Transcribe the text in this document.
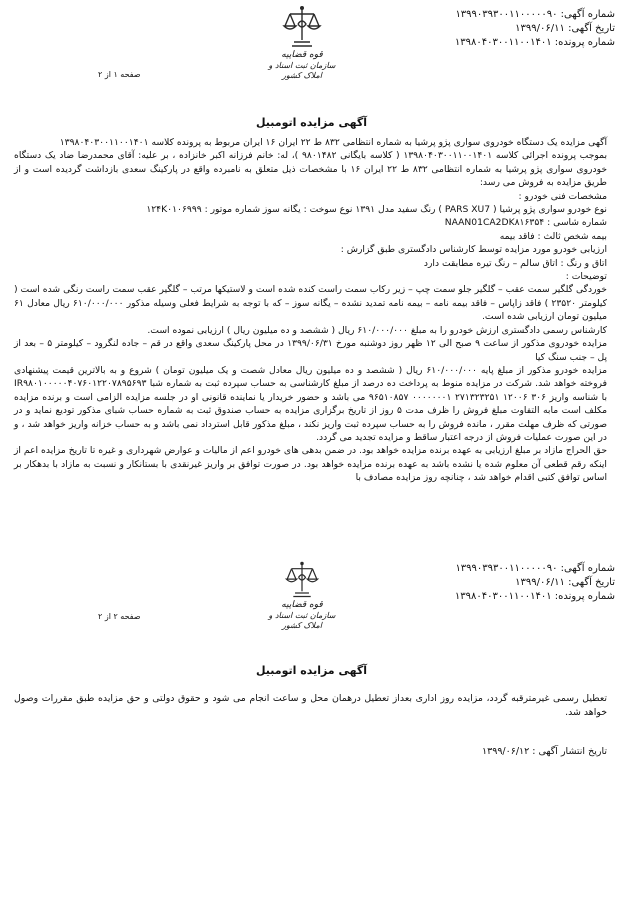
شماره آگهی: ۱۳۹۹۰۳۹۳۰۰۱۱۰۰۰۰۰۹۰
تاریخ آگهی: ۱۳۹۹/۰۶/۱۱
شماره پرونده: ۱۳۹۸۰۴۰۳۰۰۱۱۰۰۱۴۰۱
صفحه ۱ از ۲
قوه قضاییه
سازمان ثبت اسناد و املاک کشور
آگهی مزایده اتومبیل

آگهی مزایده یک دستگاه خودروی سواری پژو پرشیا به شماره انتظامی ۸۳۲ ط ۲۲ ایران ۱۶ ایران مربوط به پرونده کلاسه ۱۳۹۸۰۴۰۳۰۰۱۱۰۰۱۴۰۱

بموجب پرونده اجرائی کلاسه ۱۳۹۸۰۴۰۳۰۰۱۱۰۰۱۴۰۱ ( کلاسه بایگانی ۹۸۰۱۴۸۲ )، له: خانم فرزانه اکبر خانزاده ، بر علیه: آقای محمدرضا ضاد یک دستگاه خودروی سواری پژو پرشیا به شماره انتظامی ۸۳۲ ط ۲۲ ایران ۱۶ با مشخصات ذیل متعلق به نامبرده واقع در پارکینگ سعدی بازداشت گردیده است و از طریق مزایده به فروش می رسد:

مشخصات فنی خودرو :

نوع خودرو سواری پژو پرشیا ( PARS XU7 ) رنگ سفید مدل ۱۳۹۱ نوع سوخت : یگانه سوز شماره موتور : ۱۲۴K۰۱۰۶۹۹۹

شماره شاسی : NAAN01CA2DK۸۱۶۳۵۴

بیمه شخص ثالث : فاقد بیمه

ارزیابی خودرو مورد مزایده توسط کارشناس دادگستری طبق گزارش :

اتاق و رنگ : اتاق سالم – رنگ تیره مطابقت دارد

توضیحات :

خوردگی گلگیر سمت عقب – گلگیر جلو سمت چپ – زیر رکاب سمت راست کنده شده است و لاستیکها مرتب – گلگیر عقب سمت راست رنگی شده است ( کیلومتر ۲۳۵۲۰ ) فاقد زاپاس – فاقد بیمه نامه – بیمه نامه تمدید نشده – یگانه سوز – که با توجه به شرایط فعلی وسیله مذکور ۶۱۰/۰۰۰/۰۰۰ ریال معادل ۶۱ میلیون تومان ارزیابی شده است.

کارشناس رسمی دادگستری ارزش خودرو را به مبلغ ۶۱۰/۰۰۰/۰۰۰ ریال ( ششصد و ده میلیون ریال ) ارزیابی نموده است.

مزایده خودروی مذکور از ساعت ۹ صبح الی ۱۲ ظهر روز دوشنبه مورخ ۱۳۹۹/۰۶/۳۱ در محل پارکینگ سعدی واقع در قم – جاده لنگرود – کیلومتر ۵ – بعد از پل – جنب سنگ کیا

مزایده خودرو مذکور از مبلغ پایه ۶۱۰/۰۰۰/۰۰۰ ریال ( ششصد و ده میلیون ریال معادل شصت و یک میلیون تومان ) شروع و به بالاترین قیمت پیشنهادی فروخته خواهد شد. شرکت در مزایده منوط به پرداخت ده درصد از مبلغ کارشناسی به حساب سپرده ثبت به شماره شبا IR۹۸۰۱۰۰۰۰۰۴۰۷۶۰۱۲۲۰۷۸۹۵۶۹۳ با شناسه واریز ۳۰۶ ۱۲۰۰۶ ۲۷۱۳۲۳۲۵۱ ۰۰۰۰۰۰۰۱ ۹۶۵۱۰۸۵۷ می باشد و حضور خریدار یا نماینده قانونی او در جلسه مزایده الزامی است و برنده مزایده مکلف است مابه التفاوت مبلغ فروش را ظرف مدت ۵ روز از تاریخ برگزاری مزایده به حساب صندوق ثبت به شماره حساب شبای مذکور تودیع نماید و در صورتی که ظرف مهلت مقرر ، مانده فروش را به حساب سپرده ثبت واریز نکند ، مبلغ مذکور قابل استرداد نمی باشد و به حساب خزانه واریز خواهد شد ، و در این صورت عملیات فروش از درجه اعتبار ساقط و مزایده تجدید می گردد.

حق الحراج مازاد بر مبلغ ارزیابی به عهده برنده مزایده خواهد بود. در ضمن بدهی های خودرو اعم از مالیات و عوارض شهرداری و غیره تا تاریخ مزایده اعم از اینکه رقم قطعی آن معلوم شده یا نشده باشد به عهده برنده مزایده خواهد بود. در صورت توافق بر واریز غیرنقدی با بستانکار و نسبت به مازاد با بدهکار بر اساس توافق کتبی اقدام خواهد شد ، چنانچه روز مزایده مصادف با

شماره آگهی: ۱۳۹۹۰۳۹۳۰۰۱۱۰۰۰۰۰۹۰
تاریخ آگهی: ۱۳۹۹/۰۶/۱۱
شماره پرونده: ۱۳۹۸۰۴۰۳۰۰۱۱۰۰۱۴۰۱
صفحه ۲ از ۲
قوه قضاییه
سازمان ثبت اسناد و املاک کشور
آگهی مزایده اتومبیل

تعطیل رسمی غیرمترقبه گردد، مزایده روز اداری بعداز تعطیل درهمان محل و ساعت انجام می شود و حقوق دولتی و حق مزایده طبق مقررات وصول خواهد شد.

تاریخ انتشار آگهی : ۱۳۹۹/۰۶/۱۲
